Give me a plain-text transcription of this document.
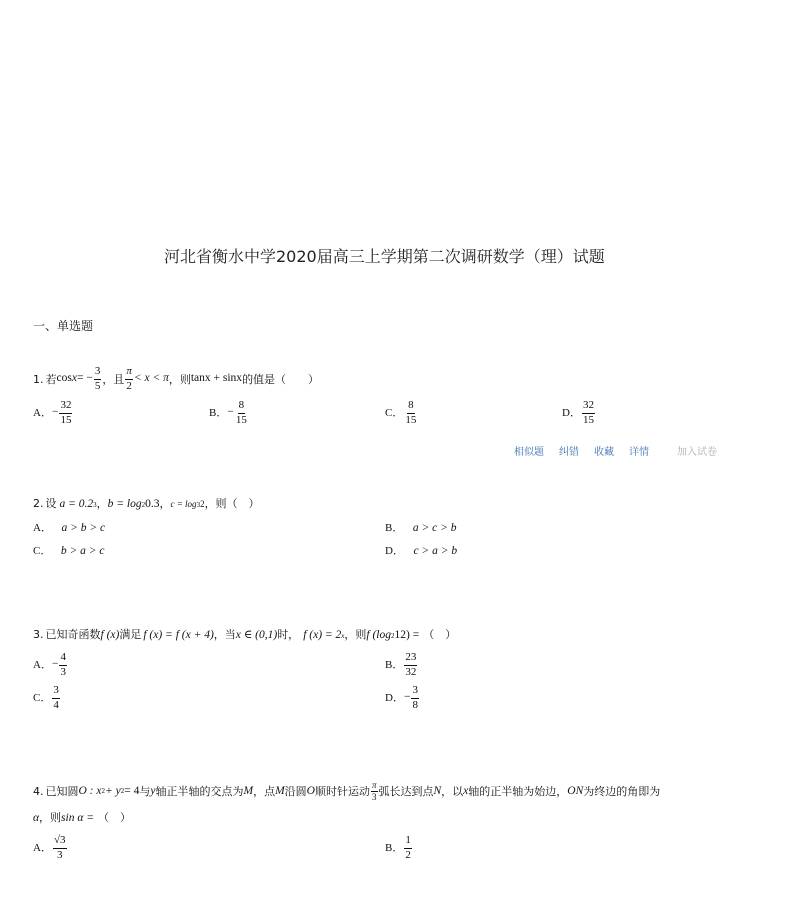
河北省衡水中学2020届高三上学期第二次调研数学（理）试题
一、单选题
1. 若 cos x = − $\frac{3}{5}$ ，且 $\frac{\pi}{2} < x < \pi$ ，则 tanx + sinx 的值是（　　）
A． − $\frac{32}{15}$	B． − $\frac{8}{15}$	C． $\frac{8}{15}$	D． $\frac{32}{15}$
相似题 纠错 收藏 详情	加入试卷
2. 设 a = 0.2 3 ， b = log 2 0.3 ， c = log 3 2 ，则（　）
A． a > b > c	B． a > c > b
C． b > a > c	D． c > a > b
3. 已知奇函数 f (x) 满足 f (x) = f (x + 4) ，当 x ∈ (0,1) 时， f (x) = 2 x ，则 f (log 2 12) = （　）
A． − $\frac{4}{3}$	B． $\frac{23}{32}$
C． $\frac{3}{4}$	D． − $\frac{3}{8}$
4. 已知圆 O : x 2 + y 2 = 4 与 y 轴正半轴的交点为 M ，点 M 沿圆 O 顺时针运动 $\frac{\pi}{3}$ 弧长达到点 N ，以 x 轴的正半轴为始边， ON 为终边的角即为
α ，则 sin α = （　）
A． $\frac{√3}{3}$	B． $\frac{1}{2}$
